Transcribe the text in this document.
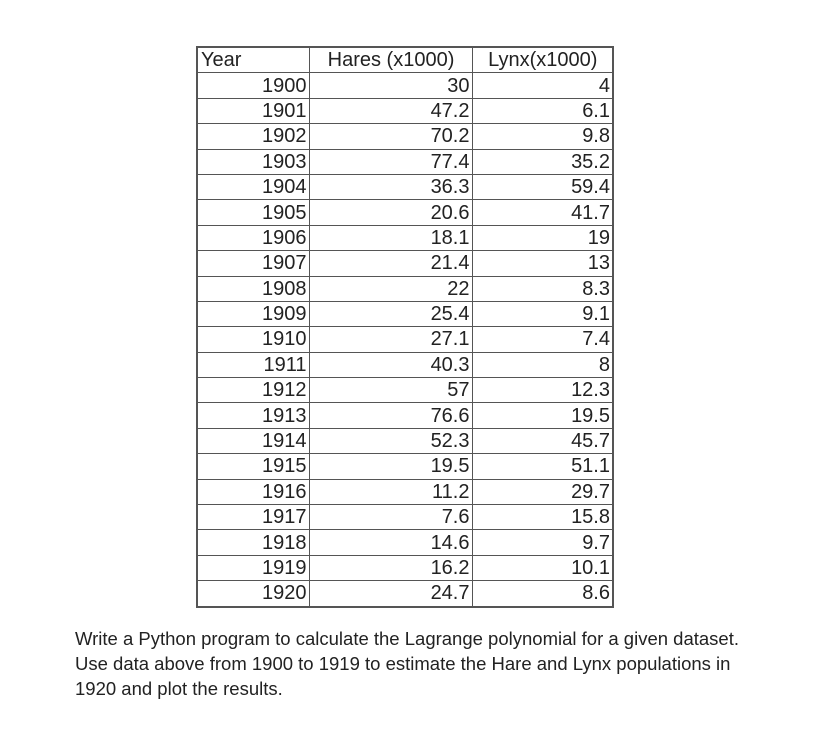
Year	Hares (x1000)	Lynx(x1000)
1900	30	4
1901	47.2	6.1
1902	70.2	9.8
1903	77.4	35.2
1904	36.3	59.4
1905	20.6	41.7
1906	18.1	19
1907	21.4	13
1908	22	8.3
1909	25.4	9.1
1910	27.1	7.4
1911	40.3	8
1912	57	12.3
1913	76.6	19.5
1914	52.3	45.7
1915	19.5	51.1
1916	11.2	29.7
1917	7.6	15.8
1918	14.6	9.7
1919	16.2	10.1
1920	24.7	8.6

Write a Python program to calculate the Lagrange polynomial for a given dataset. Use data above from 1900 to 1919 to estimate the Hare and Lynx populations in 1920 and plot the results.
